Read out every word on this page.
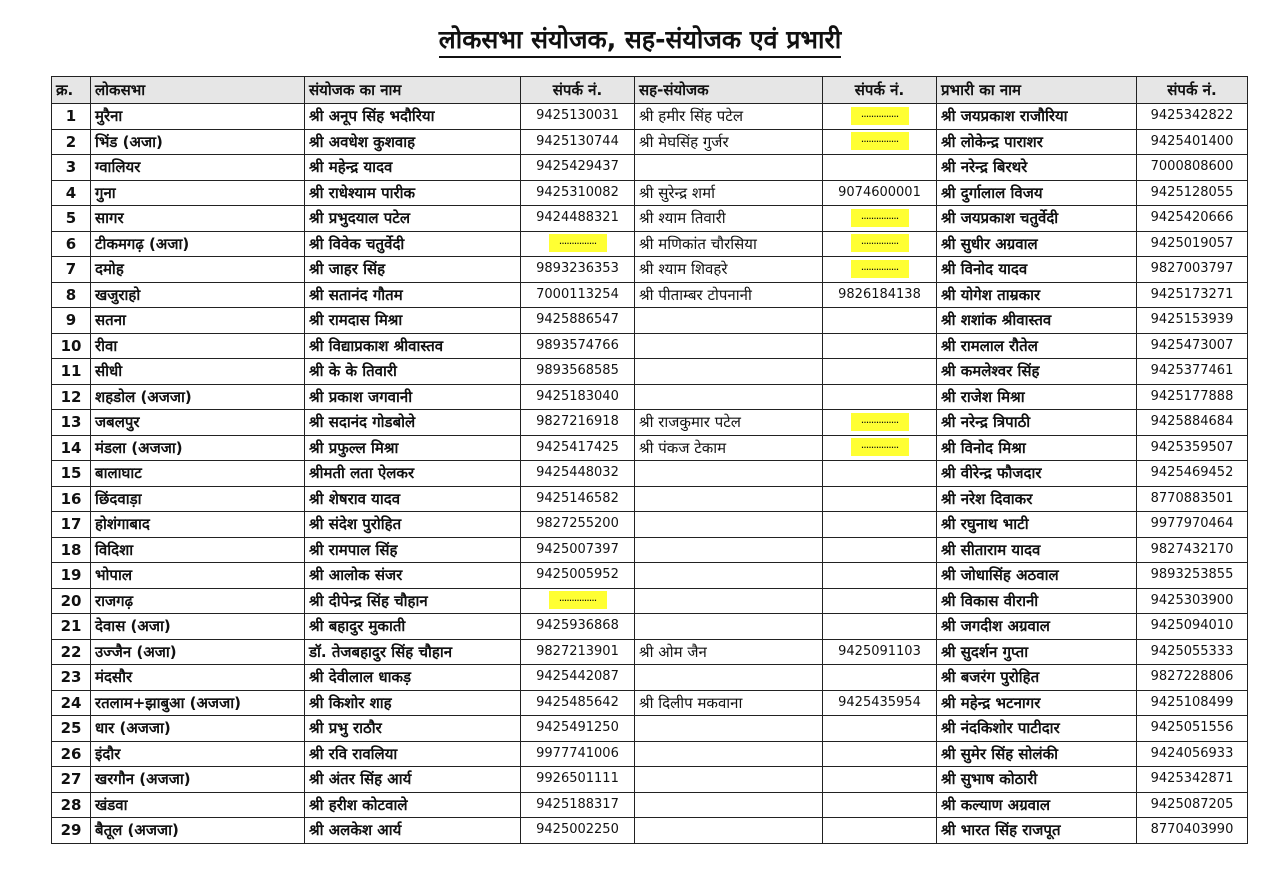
लोकसभा संयोजक, सह-संयोजक एवं प्रभारी
क्र.	लोकसभा	संयोजक का नाम	संपर्क नं.	सह-संयोजक	संपर्क नं.	प्रभारी का नाम	संपर्क नं.
1	मुरैना	श्री अनूप सिंह भदौरिया	9425130031	श्री हमीर सिंह पटेल	...............	श्री जयप्रकाश राजौरिया	9425342822
2	भिंड (अजा)	श्री अवधेश कुशवाह	9425130744	श्री मेघसिंह गुर्जर	...............	श्री लोकेन्द्र पाराशर	9425401400
3	ग्वालियर	श्री महेन्द्र यादव	9425429437			श्री नरेन्द्र बिरथरे	7000808600
4	गुना	श्री राधेश्याम पारीक	9425310082	श्री सुरेन्द्र शर्मा	9074600001	श्री दुर्गालाल विजय	9425128055
5	सागर	श्री प्रभुदयाल पटेल	9424488321	श्री श्याम तिवारी	...............	श्री जयप्रकाश चतुर्वेदी	9425420666
6	टीकमगढ़ (अजा)	श्री विवेक चतुर्वेदी	...............	श्री मणिकांत चौरसिया	...............	श्री सुधीर अग्रवाल	9425019057
7	दमोह	श्री जाहर सिंह	9893236353	श्री श्याम शिवहरे	...............	श्री विनोद यादव	9827003797
8	खजुराहो	श्री सतानंद गौतम	7000113254	श्री पीताम्बर टोपनानी	9826184138	श्री योगेश ताम्रकार	9425173271
9	सतना	श्री रामदास मिश्रा	9425886547			श्री शशांक श्रीवास्तव	9425153939
10	रीवा	श्री विद्याप्रकाश श्रीवास्तव	9893574766			श्री रामलाल रौतेल	9425473007
11	सीधी	श्री के के तिवारी	9893568585			श्री कमलेश्वर सिंह	9425377461
12	शहडोल (अजजा)	श्री प्रकाश जगवानी	9425183040			श्री राजेश मिश्रा	9425177888
13	जबलपुर	श्री सदानंद गोडबोले	9827216918	श्री राजकुमार पटेल	...............	श्री नरेन्द्र त्रिपाठी	9425884684
14	मंडला (अजजा)	श्री प्रफुल्ल मिश्रा	9425417425	श्री पंकज टेकाम	...............	श्री विनोद मिश्रा	9425359507
15	बालाघाट	श्रीमती लता ऐलकर	9425448032			श्री वीरेन्द्र फौजदार	9425469452
16	छिंदवाड़ा	श्री शेषराव यादव	9425146582			श्री नरेश दिवाकर	8770883501
17	होशंगाबाद	श्री संदेश पुरोहित	9827255200			श्री रघुनाथ भाटी	9977970464
18	विदिशा	श्री रामपाल सिंह	9425007397			श्री सीताराम यादव	9827432170
19	भोपाल	श्री आलोक संजर	9425005952			श्री जोधासिंह अठवाल	9893253855
20	राजगढ़	श्री दीपेन्द्र सिंह चौहान	...............			श्री विकास वीरानी	9425303900
21	देवास (अजा)	श्री बहादुर मुकाती	9425936868			श्री जगदीश अग्रवाल	9425094010
22	उज्जैन (अजा)	डॉ. तेजबहादुर सिंह चौहान	9827213901	श्री ओम जैन	9425091103	श्री सुदर्शन गुप्ता	9425055333
23	मंदसौर	श्री देवीलाल धाकड़	9425442087			श्री बजरंग पुरोहित	9827228806
24	रतलाम+झाबुआ (अजजा)	श्री किशोर शाह	9425485642	श्री दिलीप मकवाना	9425435954	श्री महेन्द्र भटनागर	9425108499
25	धार (अजजा)	श्री प्रभु राठौर	9425491250			श्री नंदकिशोर पाटीदार	9425051556
26	इंदौर	श्री रवि रावलिया	9977741006			श्री सुमेर सिंह सोलंकी	9424056933
27	खरगौन (अजजा)	श्री अंतर सिंह आर्य	9926501111			श्री सुभाष कोठारी	9425342871
28	खंडवा	श्री हरीश कोटवाले	9425188317			श्री कल्याण अग्रवाल	9425087205
29	बैतूल (अजजा)	श्री अलकेश आर्य	9425002250			श्री भारत सिंह राजपूत	8770403990
